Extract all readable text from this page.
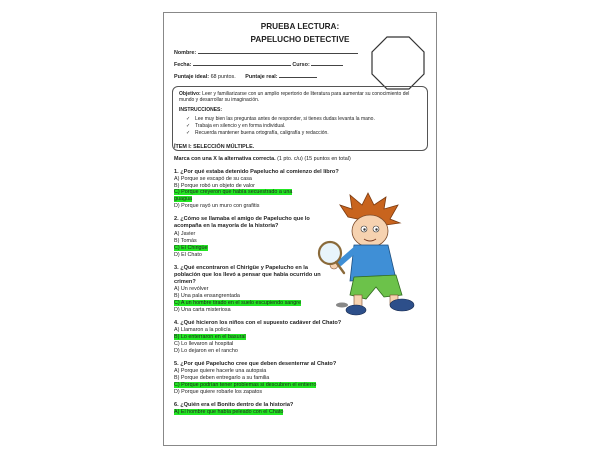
PRUEBA LECTURA:
PAPELUCHO DETECTIVE
Nombre:
Fecha:	Curso:
Puntaje ideal: 68 puntos. Puntaje real:
Objetivo: Leer y familiarizarse con un amplio repertorio de literatura para aumentar su conocimiento del mundo y desarrollar su imaginación.
INSTRUCCIONES:
✓ Lee muy bien las preguntas antes de responder, si tienes dudas levanta la mano.
✓ Trabaja en silencio y en forma individual.
✓ Recuerda mantener buena ortografía, caligrafía y redacción.
ÍTEM I: SELECCIÓN MÚLTIPLE.
Marca con una X la alternativa correcta. (1 pto. c/u) (15 puntos en total)
1. ¿Por qué estaba detenido Papelucho al comienzo del libro?
A) Porque se escapó de su casa
B) Porque robó un objeto de valor
C) Porque creyeron que había secuestrado a una
guagua
D) Porque rayó un muro con grafitis
2. ¿Cómo se llamaba el amigo de Papelucho que lo acompaña en la mayoría de la historia?
A) Javier
B) Tomás
C) El Chirigüe
D) El Chato
3. ¿Qué encontraron el Chirigüe y Papelucho en la población que los llevó a pensar que había ocurrido un crimen?
A) Un revólver
B) Una pala ensangrentada
C) A un hombre tirado en el suelo escupiendo sangre
D) Una carta misteriosa
4. ¿Qué hicieron los niños con el supuesto cadáver del Chato?
A) Llamaron a la policía
B) Lo enterraron en el basural
C) Lo llevaron al hospital
D) Lo dejaron en el rancho
5. ¿Por qué Papelucho cree que deben desenterrar al Chato?
A) Porque quiere hacerle una autopsia
B) Porque deben entregarlo a su familia
C) Porque podrían tener problemas si descubren el entierro
D) Porque quiere robarle los zapatos
6. ¿Quién era el Bonito dentro de la historia?
A) El hombre que había peleado con el Chato
